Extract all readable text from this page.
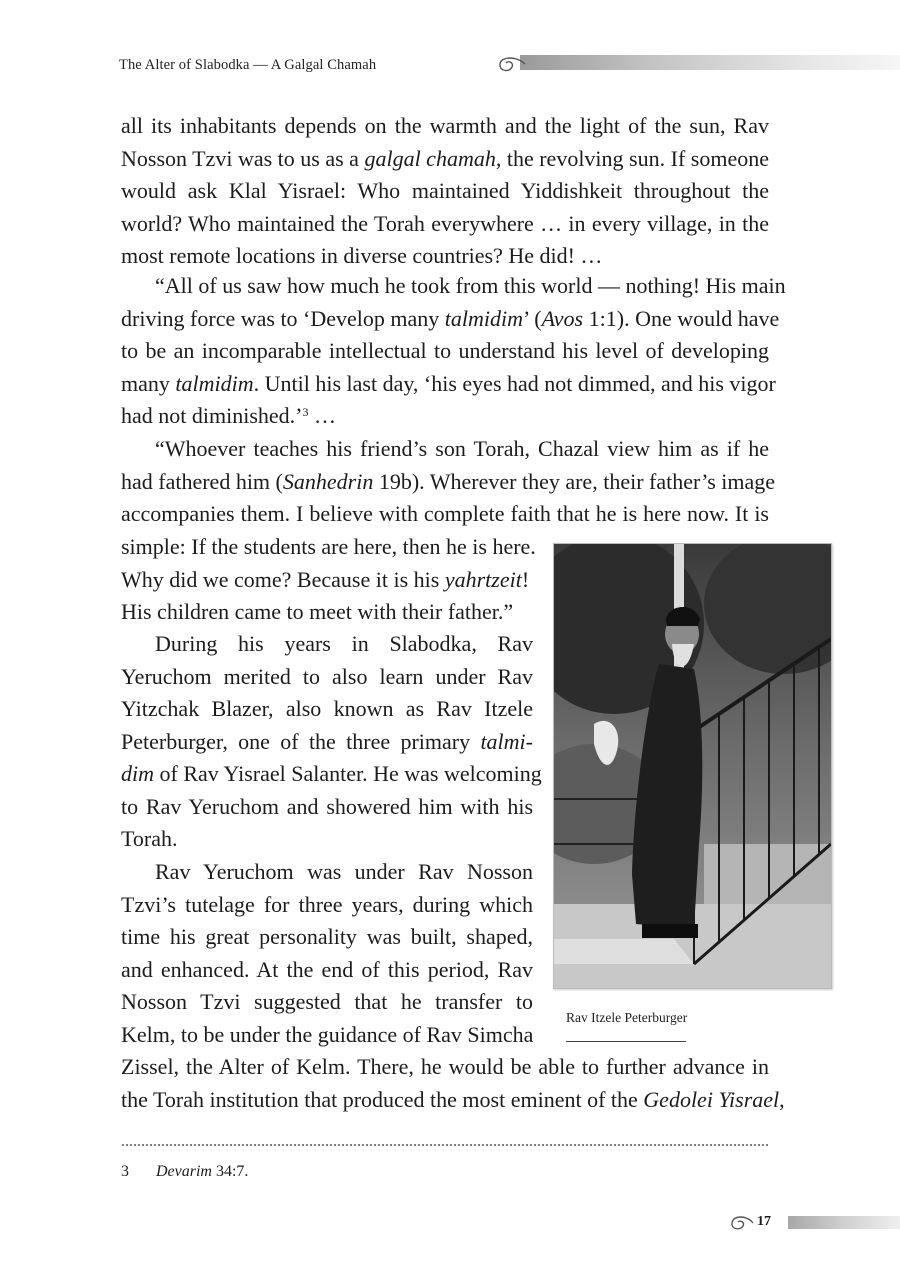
The Alter of Slabodka — A Galgal Chamah
all its inhabitants depends on the warmth and the light of the sun, Rav
Nosson Tzvi was to us as a galgal chamah, the revolving sun. If someone
would ask Klal Yisrael: Who maintained Yiddishkeit throughout the
world? Who maintained the Torah everywhere … in every village, in the
most remote locations in diverse countries? He did! …
“All of us saw how much he took from this world — nothing! His main
driving force was to ‘Develop many talmidim’ (Avos 1:1). One would have
to be an incomparable intellectual to understand his level of developing
many talmidim. Until his last day, ‘his eyes had not dimmed, and his vigor
had not diminished.’$^3$ …
“Whoever teaches his friend’s son Torah, Chazal view him as if he
had fathered him (Sanhedrin 19b). Wherever they are, their father’s image
accompanies them. I believe with complete faith that he is here now. It is
simple: If the students are here, then he is here.
Why did we come? Because it is his yahrtzeit!
His children came to meet with their father.”
During his years in Slabodka, Rav
Yeruchom merited to also learn under Rav
Yitzchak Blazer, also known as Rav Itzele
Peterburger, one of the three primary talmi-
dim of Rav Yisrael Salanter. He was welcoming
to Rav Yeruchom and showered him with his
Torah.
Rav Yeruchom was under Rav Nosson
Tzvi’s tutelage for three years, during which
time his great personality was built, shaped,
and enhanced. At the end of this period, Rav
Nosson Tzvi suggested that he transfer to
Kelm, to be under the guidance of Rav Simcha
Zissel, the Alter of Kelm. There, he would be able to further advance in
the Torah institution that produced the most eminent of the Gedolei Yisrael,
Rav Itzele Peterburger
3 Devarim 34:7.
17
